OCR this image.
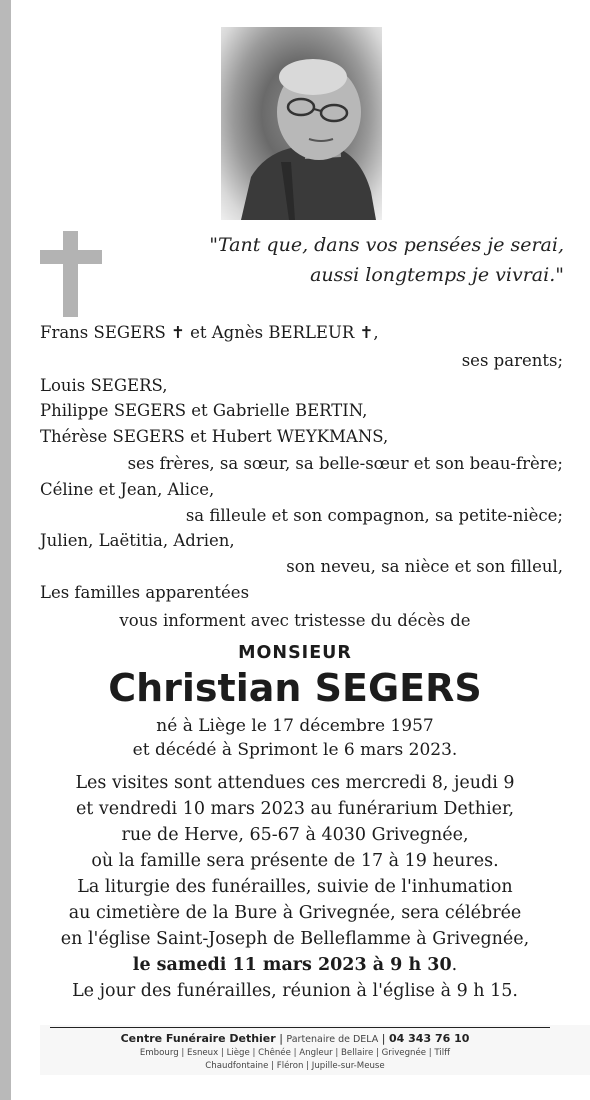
"Tant que, dans vos pensées je serai,
aussi longtemps je vivrai."
Frans SEGERS ✝ et Agnès BERLEUR ✝,
ses parents;
Louis SEGERS,
Philippe SEGERS et Gabrielle BERTIN,
Thérèse SEGERS et Hubert WEYKMANS,
ses frères, sa sœur, sa belle-sœur et son beau-frère;
Céline et Jean, Alice,
sa filleule et son compagnon, sa petite-nièce;
Julien, Laëtitia, Adrien,
son neveu, sa nièce et son filleul,
Les familles apparentées
vous informent avec tristesse du décès de
MONSIEUR
Christian SEGERS
né à Liège le 17 décembre 1957
et décédé à Sprimont le 6 mars 2023.
Les visites sont attendues ces mercredi 8, jeudi 9
et vendredi 10 mars 2023 au funérarium Dethier,
rue de Herve, 65-67 à 4030 Grivegnée,
où la famille sera présente de 17 à 19 heures.
La liturgie des funérailles, suivie de l'inhumation
au cimetière de la Bure à Grivegnée, sera célébrée
en l'église Saint-Joseph de Belleflamme à Grivegnée,
le samedi 11 mars 2023 à 9 h 30.
Le jour des funérailles, réunion à l'église à 9 h 15.
Centre Funéraire Dethier | Partenaire de DELA | 04 343 76 10
Embourg | Esneux | Liège | Chênée | Angleur | Bellaire | Grivegnée | Tilff
Chaudfontaine | Fléron | Jupille-sur-Meuse
